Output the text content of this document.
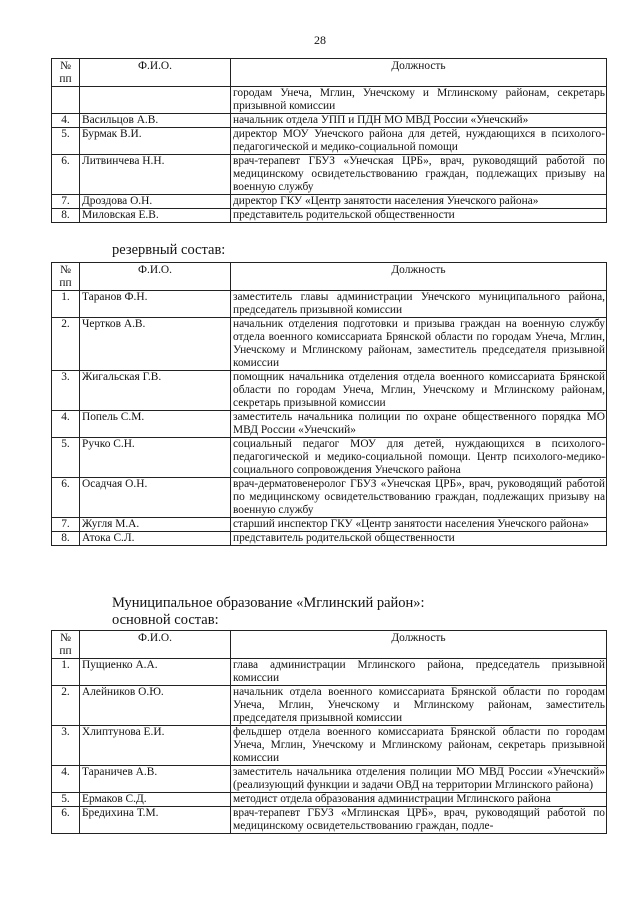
28
№ пп	Ф.И.О.	Должность
		городам Унеча, Мглин, Унечскому и Мглинскому районам, секретарь призывной комиссии
4.	Васильцов А.В.	начальник отдела УПП и ПДН МО МВД России «Унечский»
5.	Бурмак В.И.	директор МОУ Унечского района для детей, нуждающихся в психолого-педагогической и медико-социальной помощи
6.	Литвинчева Н.Н.	врач-терапевт ГБУЗ «Унечская ЦРБ», врач, руководящий работой по медицинскому освидетельствованию граждан, подлежащих призыву на военную службу
7.	Дроздова О.Н.	директор ГКУ «Центр занятости населения Унечского района»
8.	Миловская Е.В.	представитель родительской общественности

резервный состав:

№ пп	Ф.И.О.	Должность
1.	Таранов Ф.Н.	заместитель главы администрации Унечского муниципального района, председатель призывной комиссии
2.	Чертков А.В.	начальник отделения подготовки и призыва граждан на военную службу отдела военного комиссариата Брянской области по городам Унеча, Мглин, Унечскому и Мглинскому районам, заместитель председателя призывной комиссии
3.	Жигальская Г.В.	помощник начальника отделения отдела военного комиссариата Брянской области по городам Унеча, Мглин, Унечскому и Мглинскому районам, секретарь призывной комиссии
4.	Попель С.М.	заместитель начальника полиции по охране общественного порядка МО МВД России «Унечский»
5.	Ручко С.Н.	социальный педагог МОУ для детей, нуждающихся в психолого-педагогической и медико-социальной помощи. Центр психолого-медико-социального сопровождения Унечского района
6.	Осадчая О.Н.	врач-дерматовенеролог ГБУЗ «Унечская ЦРБ», врач, руководящий работой по медицинскому освидетельствованию граждан, подлежащих призыву на военную службу
7.	Жугля М.А.	старший инспектор ГКУ «Центр занятости населения Унечского района»
8.	Атока С.Л.	представитель родительской общественности

Муниципальное образование «Мглинский район»:

основной состав:

№ пп	Ф.И.О.	Должность
1.	Пущиенко А.А.	глава администрации Мглинского района, председатель призывной комиссии
2.	Алейников О.Ю.	начальник отдела военного комиссариата Брянской области по городам Унеча, Мглин, Унечскому и Мглинскому районам, заместитель председателя призывной комиссии
3.	Хлиптунова Е.И.	фельдшер отдела военного комиссариата Брянской области по городам Унеча, Мглин, Унечскому и Мглинскому районам, секретарь призывной комиссии
4.	Тараничев А.В.	заместитель начальника отделения полиции МО МВД России «Унечский» (реализующий функции и задачи ОВД на территории Мглинского района)
5.	Ермаков С.Д.	методист отдела образования администрации Мглинского района
6.	Бредихина Т.М.	врач-терапевт ГБУЗ «Мглинская ЦРБ», врач, руководящий работой по медицинскому освидетельствованию граждан, подле-
